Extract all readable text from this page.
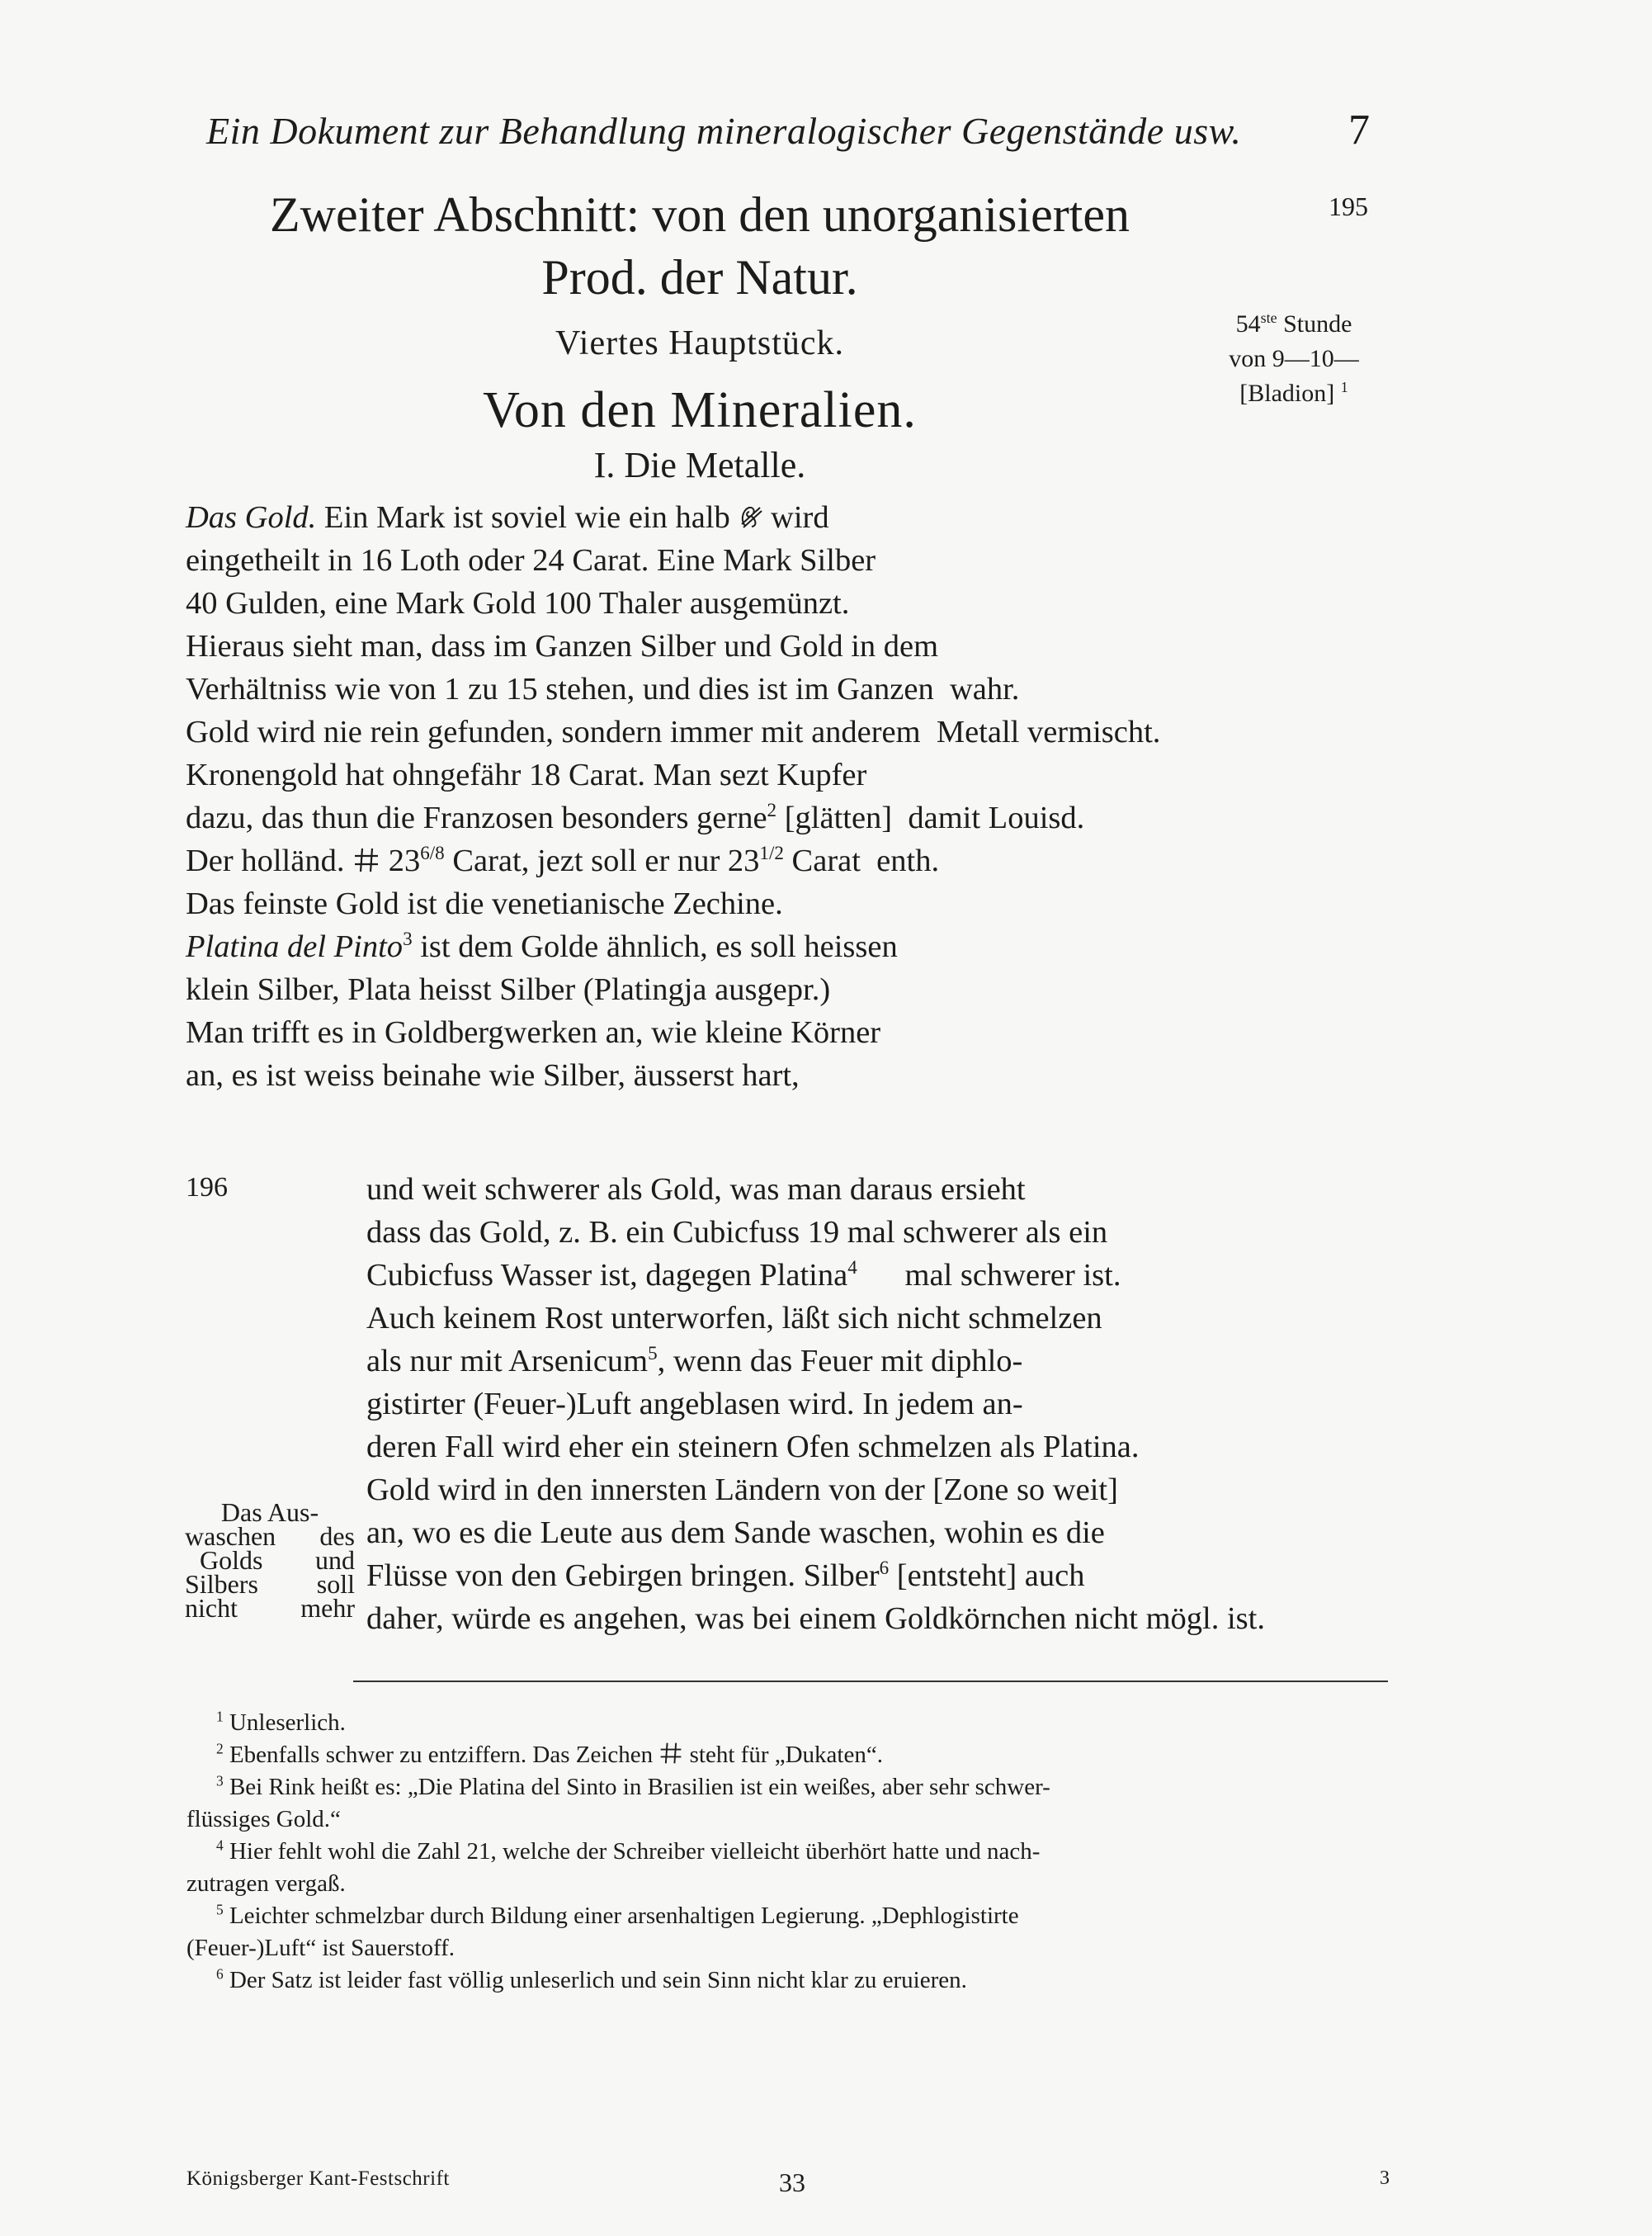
Ein Dokument zur Behandlung mineralogischer Gegenstände usw. 7
195
Zweiter Abschnitt: von den unorganisierten
Prod. der Natur.
Viertes Hauptstück.
Von den Mineralien.
I. Die Metalle.
54ste Stunde
von 9—10—
[Bladion] $^1$
Das Gold. Ein Mark ist soviel wie ein halb  wird
eingetheilt in 16 Loth oder 24 Carat. Eine Mark Silber
40 Gulden, eine Mark Gold 100 Thaler ausgemünzt.
Hieraus sieht man, dass im Ganzen Silber und Gold in dem
Verhältniss wie von 1 zu 15 stehen, und dies ist im Ganzen  wahr.
Gold wird nie rein gefunden, sondern immer mit anderem  Metall vermischt.
Kronengold hat ohngefähr 18 Carat. Man sezt Kupfer
dazu, das thun die Franzosen besonders gerne$^2$ [glätten]  damit Louisd.
Der holländ.  $23^{6/8}$ Carat, jezt soll er nur $23^{1/2}$ Carat  enth.
Das feinste Gold ist die venetianische Zechine.
Platina del Pinto$^3$ ist dem Golde ähnlich, es soll heissen
klein Silber, Plata heisst Silber (Platingja ausgepr.)
Man trifft es in Goldbergwerken an, wie kleine Körner
an, es ist weiss beinahe wie Silber, äusserst hart,
196	und weit schwerer als Gold, was man daraus ersieht
dass das Gold, z. B. ein Cubicfuss 19 mal schwerer als ein
Cubicfuss Wasser ist, dagegen Platina$^4$      mal schwerer ist.
Auch keinem Rost unterworfen, läßt sich nicht schmelzen
als nur mit Arsenicum$^5$, wenn das Feuer mit diphlo-
gistirter (Feuer-)Luft angeblasen wird. In jedem an-
deren Fall wird eher ein steinern Ofen schmelzen als Platina.
Gold wird in den innersten Ländern von der [Zone so weit]
an, wo es die Leute aus dem Sande waschen, wohin es die
Flüsse von den Gebirgen bringen. Silber$^6$ [entsteht] auch
daher, würde es angehen, was bei einem Goldkörnchen nicht mögl. ist.
Das Aus-
waschen des
Golds und
Silbers soll
nicht mehr
$^1$ Unleserlich.
$^2$ Ebenfalls schwer zu entziffern. Das Zeichen  steht für „Dukaten“.
$^3$ Bei Rink heißt es: „Die Platina del Sinto in Brasilien ist ein weißes, aber sehr schwer-
flüssiges Gold.“
$^4$ Hier fehlt wohl die Zahl 21, welche der Schreiber vielleicht überhört hatte und nach-
zutragen vergaß.
$^5$ Leichter schmelzbar durch Bildung einer arsenhaltigen Legierung. „Dephlogistirte
(Feuer-)Luft“ ist Sauerstoff.
$^6$ Der Satz ist leider fast völlig unleserlich und sein Sinn nicht klar zu eruieren.
Königsberger Kant-Festschrift	33	3
